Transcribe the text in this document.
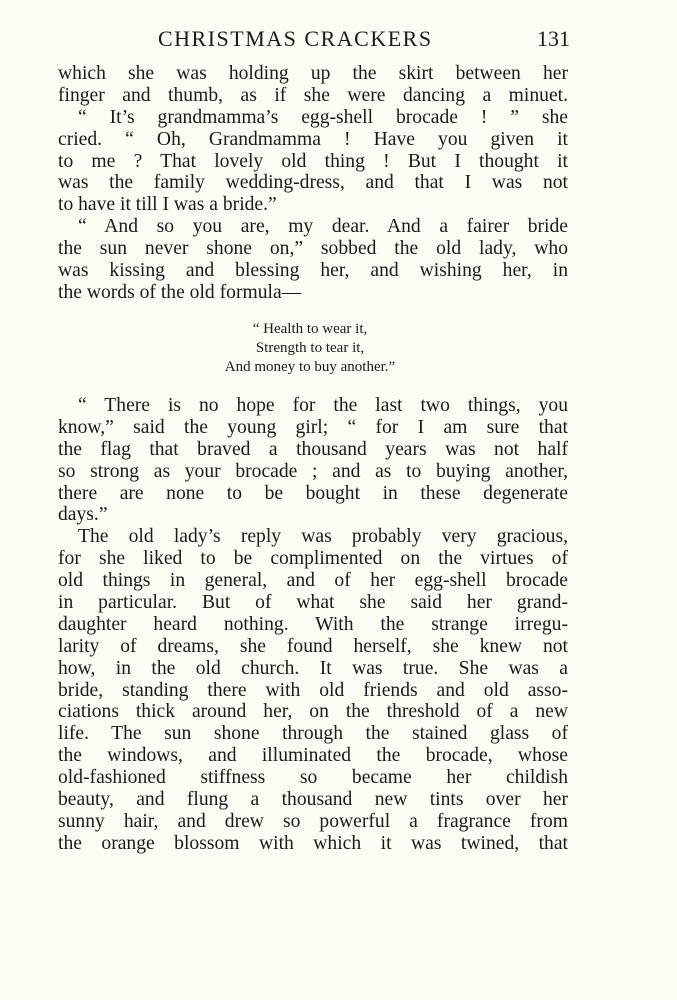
CHRISTMAS CRACKERS	131
which she was holding up the skirt between her
finger and thumb, as if she were dancing a minuet.
“ It’s grandmamma’s egg-shell brocade ! ” she
cried. “ Oh, Grandmamma ! Have you given it
to me ? That lovely old thing ! But I thought it
was the family wedding-dress, and that I was not
to have it till I was a bride.”
“ And so you are, my dear. And a fairer bride
the sun never shone on,” sobbed the old lady, who
was kissing and blessing her, and wishing her, in
the words of the old formula—
“ Health to wear it,
Strength to tear it,
And money to buy another.”
“ There is no hope for the last two things, you
know,” said the young girl; “ for I am sure that
the flag that braved a thousand years was not half
so strong as your brocade ; and as to buying another,
there are none to be bought in these degenerate
days.”
The old lady’s reply was probably very gracious,
for she liked to be complimented on the virtues of
old things in general, and of her egg-shell brocade
in particular. But of what she said her grand-
daughter heard nothing. With the strange irregu-
larity of dreams, she found herself, she knew not
how, in the old church. It was true. She was a
bride, standing there with old friends and old asso-
ciations thick around her, on the threshold of a new
life. The sun shone through the stained glass of
the windows, and illuminated the brocade, whose
old-fashioned stiffness so became her childish
beauty, and flung a thousand new tints over her
sunny hair, and drew so powerful a fragrance from
the orange blossom with which it was twined, that
